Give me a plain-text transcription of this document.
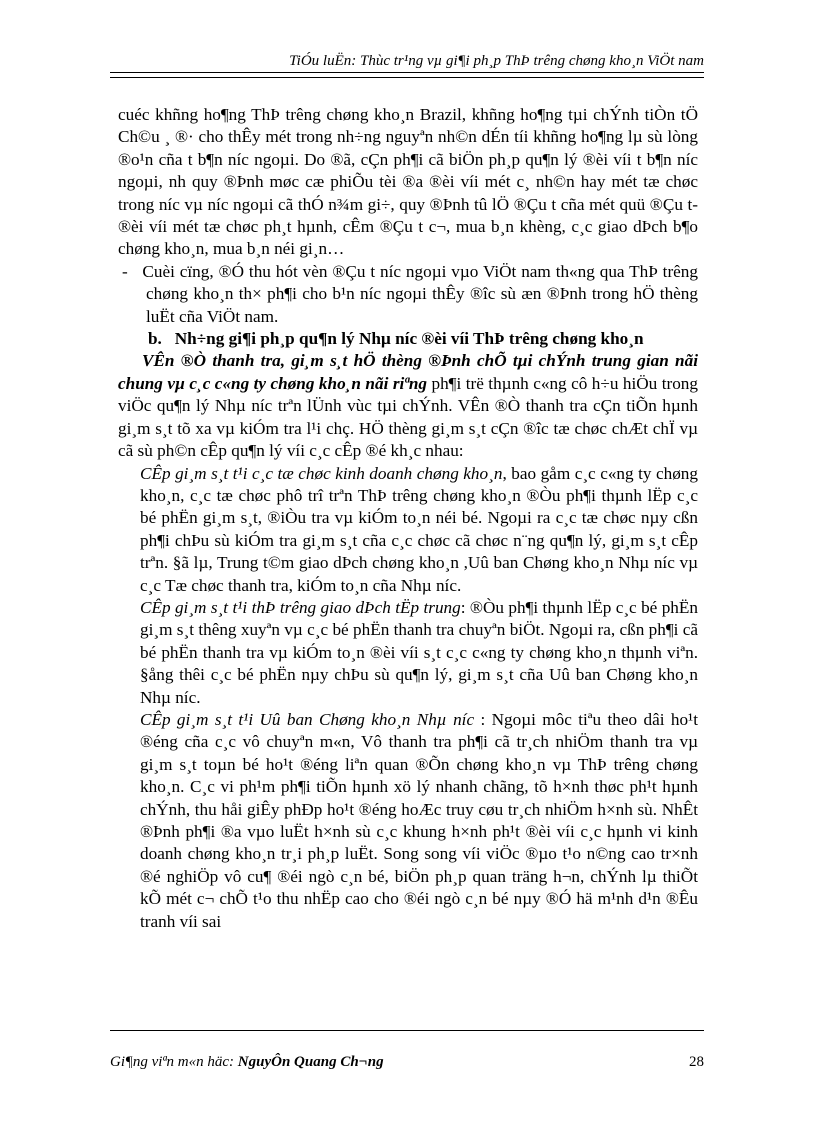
TiÓu luËn: Thùc tr¹ng vµ gi¶i ph¸p ThÞ trêng chøng kho¸n ViÖt nam

cuéc khñng ho¶ng ThÞ trêng chøng kho¸n Brazil, khñng ho¶ng tµi chÝnh tiÒn tÖ Ch©u ¸ ®· cho thÊy mét trong nh÷ng nguyªn nh©n dÉn tíi khñng ho¶ng lµ sù lòng ®o¹n cña t b¶n níc ngoµi. Do ®ã, cÇn ph¶i cã biÖn ph¸p qu¶n lý ®èi víi t b¶n níc ngoµi, nh quy ®Þnh møc cæ phiÕu tèi ®a ®èi víi mét c¸ nh©n hay mét tæ chøc trong níc vµ níc ngoµi cã thÓ n¾m gi÷, quy ®Þnh tû lÖ ®Çu t cña mét quü ®Çu t ®èi víi mét tæ chøc ph¸t hµnh, cÊm ®Çu t c¬, mua b¸n khèng, c¸c giao dÞch b¶o chøng kho¸n, mua b¸n néi gi¸n…

- Cuèi cïng, ®Ó thu hót vèn ®Çu t níc ngoµi vµo ViÖt nam th«ng qua ThÞ trêng chøng kho¸n th× ph¶i cho b¹n níc ngoµi thÊy ®îc sù æn ®Þnh trong hÖ thèng luËt cña ViÖt nam.

b. Nh÷ng gi¶i ph¸p qu¶n lý Nhµ níc ®èi víi ThÞ trêng chøng kho¸n

VÊn ®Ò thanh tra, gi¸m s¸t hÖ thèng ®Þnh chÕ tµi chÝnh trung gian nãi chung vµ c¸c c«ng ty chøng kho¸n nãi riªng ph¶i trë thµnh c«ng cô h÷u hiÖu trong viÖc qu¶n lý Nhµ níc trªn lÜnh vùc tµi chÝnh. VÊn ®Ò thanh tra cÇn tiÕn hµnh gi¸m s¸t tõ xa vµ kiÓm tra l¹i chç. HÖ thèng gi¸m s¸t cÇn ®îc tæ chøc chÆt chÏ vµ cã sù ph©n cÊp qu¶n lý víi c¸c cÊp ®é kh¸c nhau:

CÊp gi¸m s¸t t¹i c¸c tæ chøc kinh doanh chøng kho¸n, bao gåm c¸c c«ng ty chøng kho¸n, c¸c tæ chøc phô trî trªn ThÞ trêng chøng kho¸n ®Òu ph¶i thµnh lËp c¸c bé phËn gi¸m s¸t, ®iÒu tra vµ kiÓm to¸n néi bé. Ngoµi ra c¸c tæ chøc nµy cßn ph¶i chÞu sù kiÓm tra gi¸m s¸t cña c¸c chøc cã chøc n¨ng qu¶n lý, gi¸m s¸t cÊp trªn. §ã lµ, Trung t©m giao dÞch chøng kho¸n ,Uû ban Chøng kho¸n Nhµ níc vµ c¸c Tæ chøc thanh tra, kiÓm to¸n cña Nhµ níc.

CÊp gi¸m s¸t t¹i thÞ trêng giao dÞch tËp trung: ®Òu ph¶i thµnh lËp c¸c bé phËn gi¸m s¸t thêng xuyªn vµ c¸c bé phËn thanh tra chuyªn biÖt. Ngoµi ra, cßn ph¶i cã bé phËn thanh tra vµ kiÓm to¸n ®èi víi s¸t c¸c c«ng ty chøng kho¸n thµnh viªn. §ång thêi c¸c bé phËn nµy chÞu sù qu¶n lý, gi¸m s¸t cña Uû ban Chøng kho¸n Nhµ níc.

CÊp gi¸m s¸t t¹i Uû ban Chøng kho¸n Nhµ níc : Ngoµi môc tiªu theo dâi ho¹t ®éng cña c¸c vô chuyªn m«n, Vô thanh tra ph¶i cã tr¸ch nhiÖm thanh tra vµ gi¸m s¸t toµn bé ho¹t ®éng liªn quan ®Õn chøng kho¸n vµ ThÞ trêng chøng kho¸n. C¸c vi ph¹m ph¶i tiÕn hµnh xö lý nhanh chãng, tõ h×nh thøc ph¹t hµnh chÝnh, thu håi giÊy phÐp ho¹t ®éng hoÆc truy cøu tr¸ch nhiÖm h×nh sù. NhÊt ®Þnh ph¶i ®a vµo luËt h×nh sù c¸c khung h×nh ph¹t ®èi víi c¸c hµnh vi kinh doanh chøng kho¸n tr¸i ph¸p luËt. Song song víi viÖc ®µo t¹o n©ng cao tr×nh ®é nghiÖp vô cu¶ ®éi ngò c¸n bé, biÖn ph¸p quan träng h¬n, chÝnh lµ thiÕt kÕ mét c¬ chÕ t¹o thu nhËp cao cho ®éi ngò c¸n bé nµy ®Ó hä m¹nh d¹n ®Êu tranh víi sai

Gi¶ng viªn m«n häc: NguyÔn Quang Ch¬ng	28
